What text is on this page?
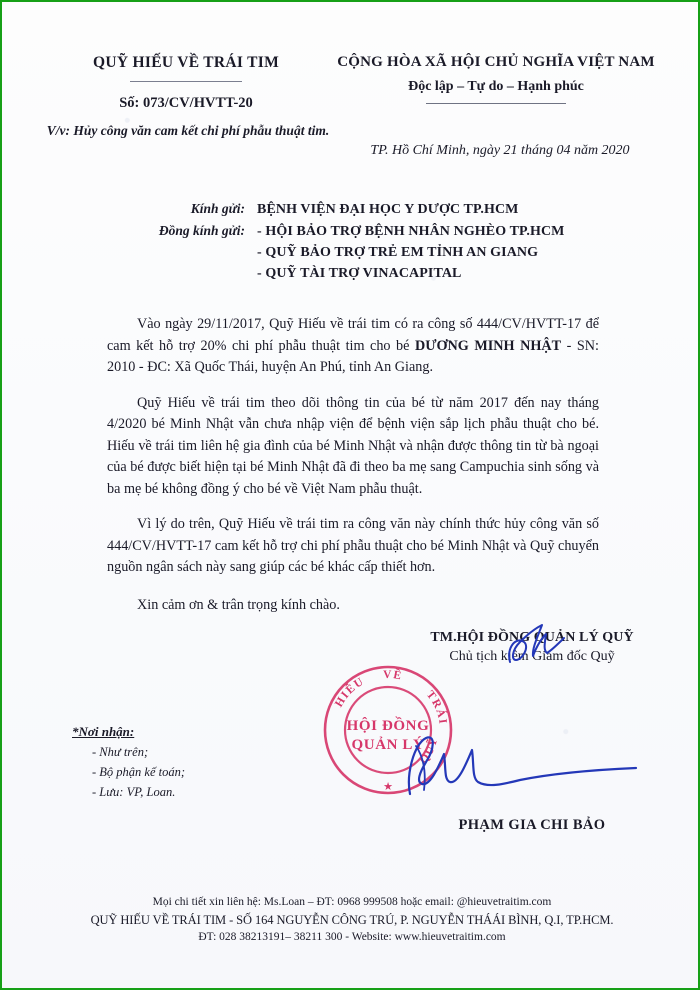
QUỸ HIẾU VỀ TRÁI TIM
Số: 073/CV/HVTT-20
V/v: Hủy công văn cam kết chi phí phẫu thuật tim.
CỘNG HÒA XÃ HỘI CHỦ NGHĨA VIỆT NAM
Độc lập – Tự do – Hạnh phúc
TP. Hồ Chí Minh, ngày 21 tháng 04 năm 2020
Kính gửi: BỆNH VIỆN ĐẠI HỌC Y DƯỢC TP.HCM
Đồng kính gửi: - HỘI BẢO TRỢ BỆNH NHÂN NGHÈO TP.HCM
- QUỸ BẢO TRỢ TRẺ EM TỈNH AN GIANG
- QUỸ TÀI TRỢ VINACAPITAL

Vào ngày 29/11/2017, Quỹ Hiếu về trái tim có ra công số 444/CV/HVTT-17 để cam kết hỗ trợ 20% chi phí phẫu thuật tim cho bé DƯƠNG MINH NHẬT - SN: 2010 - ĐC: Xã Quốc Thái, huyện An Phú, tỉnh An Giang.

Quỹ Hiếu về trái tim theo dõi thông tin của bé từ năm 2017 đến nay tháng 4/2020 bé Minh Nhật vẫn chưa nhập viện để bệnh viện sắp lịch phẫu thuật cho bé. Hiếu về trái tim liên hệ gia đình của bé Minh Nhật và nhận được thông tin từ bà ngoại của bé được biết hiện tại bé Minh Nhật đã đi theo ba mẹ sang Campuchia sinh sống và ba mẹ bé không đồng ý cho bé về Việt Nam phẫu thuật.

Vì lý do trên, Quỹ Hiếu về trái tim ra công văn này chính thức hủy công văn số 444/CV/HVTT-17 cam kết hỗ trợ chi phí phẫu thuật cho bé Minh Nhật và Quỹ chuyển nguồn ngân sách này sang giúp các bé khác cấp thiết hơn.

Xin cảm ơn & trân trọng kính chào.

TM.HỘI ĐỒNG QUẢN LÝ QUỸ
Chủ tịch kiêm Giám đốc Quỹ
PHẠM GIA CHI BẢO
HIẾU
VỀ
TRÁI
QUỸ
HỘI ĐỒNG
QUẢN LÝ
★
*Nơi nhận:
- Như trên;
- Bộ phận kế toán;
- Lưu: VP, Loan.
Mọi chi tiết xin liên hệ: Ms.Loan – ĐT: 0968 999508 hoặc email: @hieuvetraitim.com
QUỸ HIẾU VỀ TRÁI TIM - SỐ 164 NGUYỄN CÔNG TRÚ, P. NGUYỄN THÁÁI BÌNH, Q.I, TP.HCM.
ĐT: 028 38213191– 38211 300 - Website: www.hieuvetraitim.com
